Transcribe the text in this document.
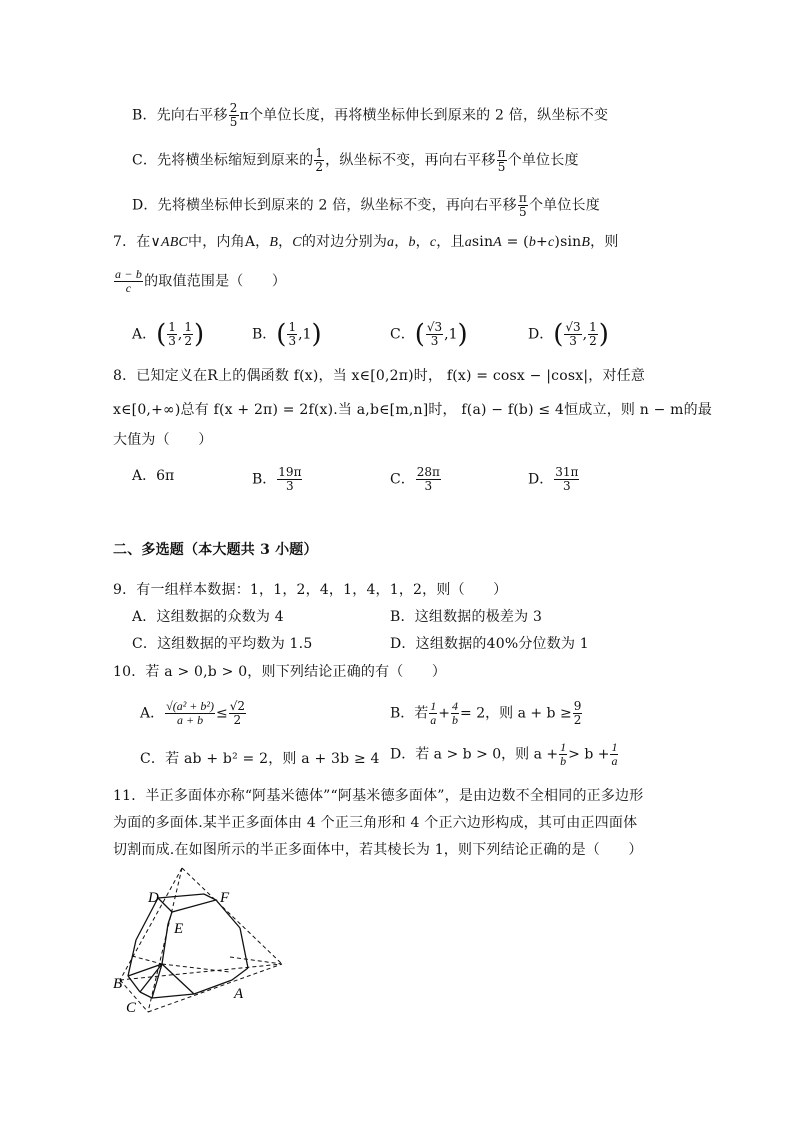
B．先向右平移 $\frac{2}{5}$ π个单位长度，再将横坐标伸长到原来的 2 倍，纵坐标不变
C．先将横坐标缩短到原来的 $\frac{1}{2}$ ，纵坐标不变，再向右平移 $\frac{\pi}{5}$ 个单位长度
D．先将横坐标伸长到原来的 2 倍，纵坐标不变，再向右平移 $\frac{\pi}{5}$ 个单位长度
7．在∨ABC中，内角A，B，C的对边分别为a，b，c，且asinA = (b+c)sinB，则
$\frac{a - b}{c}$ 的取值范围是（　　）
A．( $\frac{1}{3}$ , $\frac{1}{2}$ )	B．( $\frac{1}{3} ,1$)	C．( $\frac{√3}{3} ,1$)	D．( $\frac{√3}{3}$ , $\frac{1}{2}$ )
8．已知定义在R上的偶函数 f(x)，当 x∈[0,2π)时， f(x) = cosx − |cosx|，对任意
x∈[0,+∞)总有 f(x + 2π) = 2f(x).当 a,b∈[m,n]时， f(a) − f(b) ≤ 4恒成立，则 n − m的最
大值为（　　）
A．6π	B． $\frac{19\pi}{3}$	C． $\frac{28\pi}{3}$	D． $\frac{31\pi}{3}$
二、多选题（本大题共 3 小题）
9．有一组样本数据：1，1，2，4，1，4，1，2，则（　　）
A．这组数据的众数为 4	B．这组数据的极差为 3
C．这组数据的平均数为 1.5	D．这组数据的40%分位数为 1
10．若 a > 0,b > 0，则下列结论正确的有（　　）
A． $\frac{\text{√(a² + b²)}}{a + b} \le \frac{√2}{2}$	B．若 $\frac{1}{a} + \frac{4}{b} = 2$，则 $a + b \ge \frac{9}{2}$
C．若 ab + b² = 2，则 a + 3b ≥ 4 D．若 a > b > 0，则 $a + \frac{1}{b} > b + \frac{1}{a}$
11．半正多面体亦称“阿基米德体”“阿基米德多面体”，是由边数不全相同的正多边形
为面的多面体.某半正多面体由 4 个正三角形和 4 个正六边形构成，其可由正四面体
切割而成.在如图所示的半正多面体中，若其棱长为 1，则下列结论正确的是（　　）
D	F
E
B
C
A
